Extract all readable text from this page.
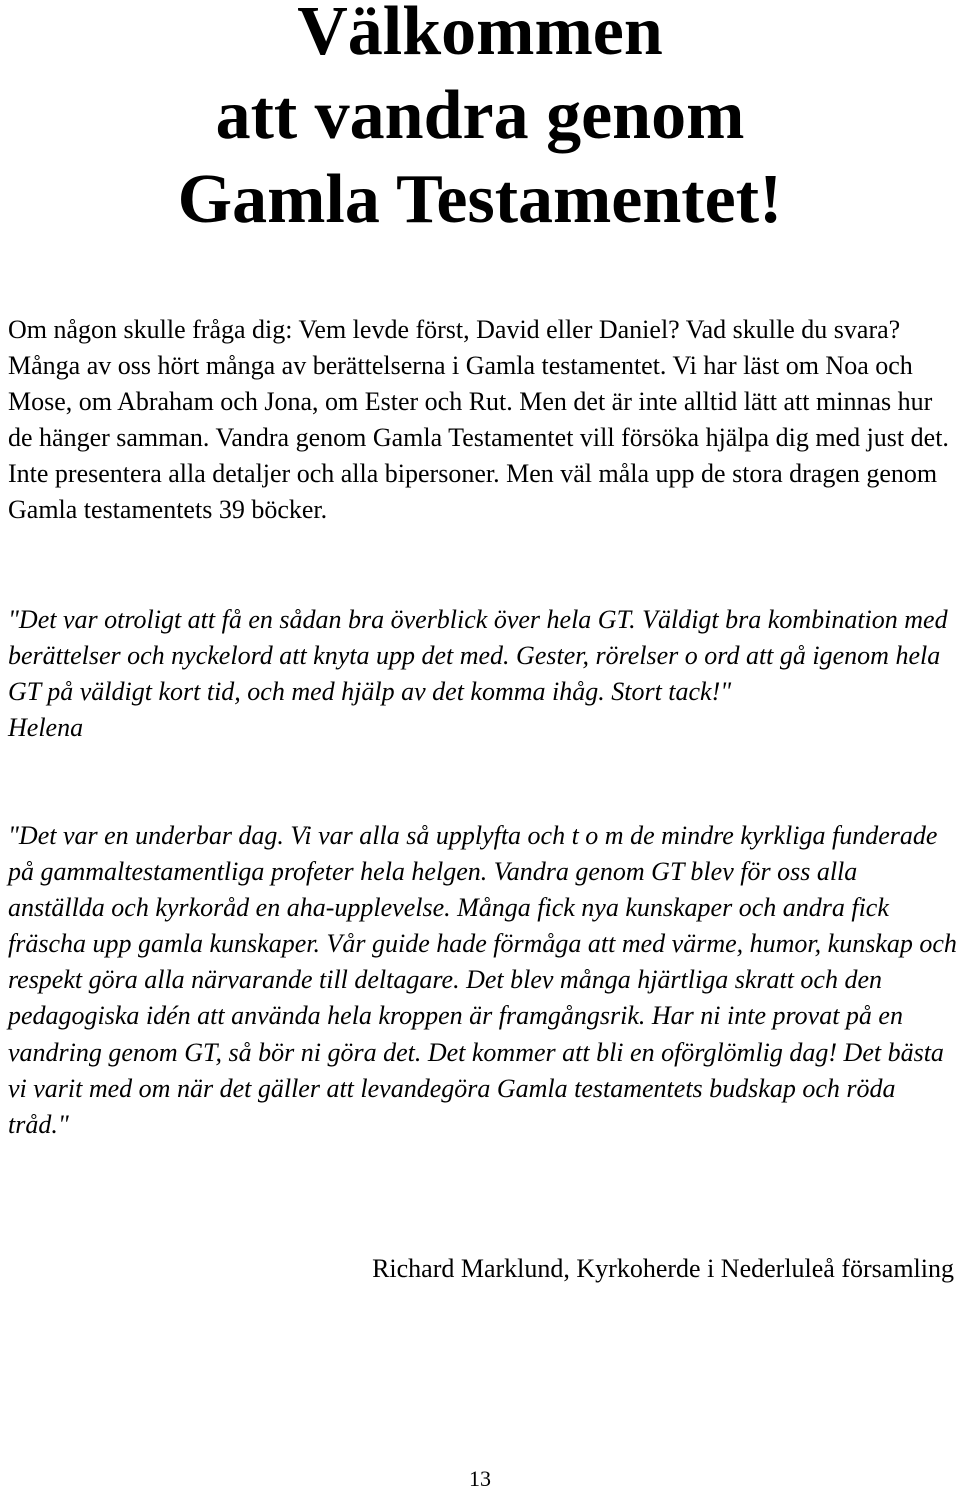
Välkommen
att vandra genom
Gamla Testamentet!

Om någon skulle fråga dig: Vem levde först, David eller Daniel? Vad skulle du svara? Många av oss hört många av berättelserna i Gamla testamentet. Vi har läst om Noa och Mose, om Abraham och Jona, om Ester och Rut. Men det är inte alltid lätt att minnas hur de hänger samman. Vandra genom Gamla Testamentet vill försöka hjälpa dig med just det. Inte presentera alla detaljer och alla bipersoner. Men väl måla upp de stora dragen genom Gamla testamentets 39 böcker.

"Det var otroligt att få en sådan bra överblick över hela GT. Väldigt bra kombination med berättelser och nyckelord att knyta upp det med. Gester, rörelser o ord att gå igenom hela GT på väldigt kort tid, och med hjälp av det komma ihåg. Stort tack!"

Helena

"Det var en underbar dag. Vi var alla så upplyfta och t o m de mindre kyrkliga funderade på gammaltestamentliga profeter hela helgen. Vandra genom GT blev för oss alla anställda och kyrkoråd en aha-upplevelse. Många fick nya kunskaper och andra fick fräscha upp gamla kunskaper. Vår guide hade förmåga att med värme, humor, kunskap och respekt göra alla närvarande till deltagare. Det blev många hjärtliga skratt och den pedagogiska idén att använda hela kroppen är framgångsrik. Har ni inte provat på en vandring genom GT, så bör ni göra det. Det kommer att bli en oförglömlig dag! Det bästa vi varit med om när det gäller att levandegöra Gamla testamentets budskap och röda tråd."

Richard Marklund, Kyrkoherde i Nederluleå församling
13
